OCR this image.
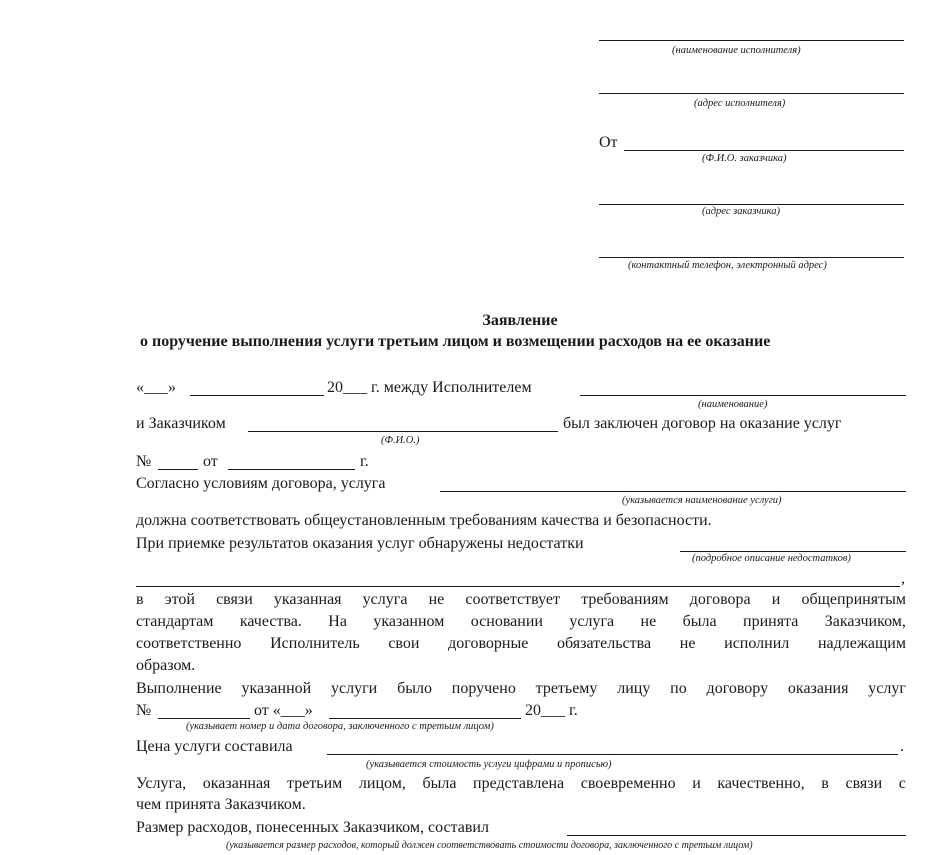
(наименование исполнителя)
(адрес исполнителя)
От
(Ф.И.О. заказчика)
(адрес заказчика)
(контактный телефон, электронный адрес)
Заявление
о поручение выполнения услуги третьим лицом и возмещении расходов на ее оказание
«___»	20___ г. между Исполнителем
(наименование)
и Заказчиком	был заключен договор на оказание услуг
(Ф.И.О.)
№	от	г.
Согласно условиям договора, услуга
(указывается наименование услуги)
должна соответствовать общеустановленным требованиям качества и безопасности.
При приемке результатов оказания услуг обнаружены недостатки
(подробное описание недостатков)
,
в этой связи указанная услуга не соответствует требованиям договора и общепринятым
стандартам качества. На указанном основании услуга не была принята Заказчиком,
соответственно Исполнитель свои договорные обязательства не исполнил надлежащим
образом.
Выполнение указанной услуги было поручено третьему лицу по договору оказания услуг
№	от «___»	20___ г.
(указывает номер и дата договора, заключенного с третьим лицом)
Цена услуги составила	.
(указывается стоимость услуги цифрами и прописью)
Услуга, оказанная третьим лицом, была представлена своевременно и качественно, в связи с
чем принята Заказчиком.
Размер расходов, понесенных Заказчиком, составил
(указывается размер расходов, который должен соответствовать стоимости договора, заключенного с третьим лицом)
